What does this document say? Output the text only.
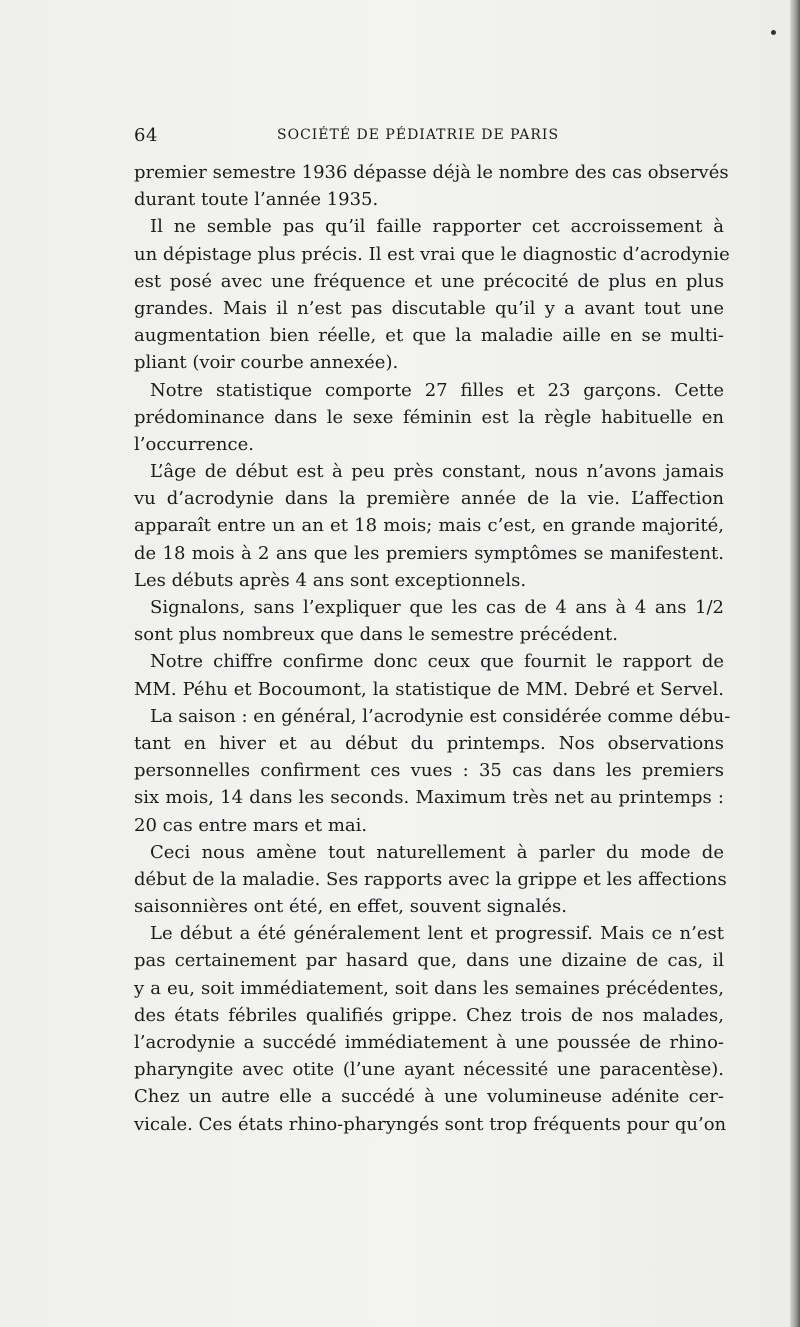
64	SOCIÉTÉ DE PÉDIATRIE DE PARIS
premier semestre 1936 dépasse déjà le nombre des cas observés
durant toute l’année 1935.
Il ne semble pas qu’il faille rapporter cet accroissement à
un dépistage plus précis. Il est vrai que le diagnostic d’acrodynie
est posé avec une fréquence et une précocité de plus en plus
grandes. Mais il n’est pas discutable qu’il y a avant tout une
augmentation bien réelle, et que la maladie aille en se multi-
pliant (voir courbe annexée).
Notre statistique comporte 27 filles et 23 garçons. Cette
prédominance dans le sexe féminin est la règle habituelle en
l’occurrence.
L’âge de début est à peu près constant, nous n’avons jamais
vu d’acrodynie dans la première année de la vie. L’affection
apparaît entre un an et 18 mois; mais c’est, en grande majorité,
de 18 mois à 2 ans que les premiers symptômes se manifestent.
Les débuts après 4 ans sont exceptionnels.
Signalons, sans l’expliquer que les cas de 4 ans à 4 ans 1/2
sont plus nombreux que dans le semestre précédent.
Notre chiffre confirme donc ceux que fournit le rapport de
MM. Péhu et Bocoumont, la statistique de MM. Debré et Servel.
La saison : en général, l’acrodynie est considérée comme débu-
tant en hiver et au début du printemps. Nos observations
personnelles confirment ces vues : 35 cas dans les premiers
six mois, 14 dans les seconds. Maximum très net au printemps :
20 cas entre mars et mai.
Ceci nous amène tout naturellement à parler du mode de
début de la maladie. Ses rapports avec la grippe et les affections
saisonnières ont été, en effet, souvent signalés.
Le début a été généralement lent et progressif. Mais ce n’est
pas certainement par hasard que, dans une dizaine de cas, il
y a eu, soit immédiatement, soit dans les semaines précédentes,
des états fébriles qualifiés grippe. Chez trois de nos malades,
l’acrodynie a succédé immédiatement à une poussée de rhino-
pharyngite avec otite (l’une ayant nécessité une paracentèse).
Chez un autre elle a succédé à une volumineuse adénite cer-
vicale. Ces états rhino-pharyngés sont trop fréquents pour qu’on
